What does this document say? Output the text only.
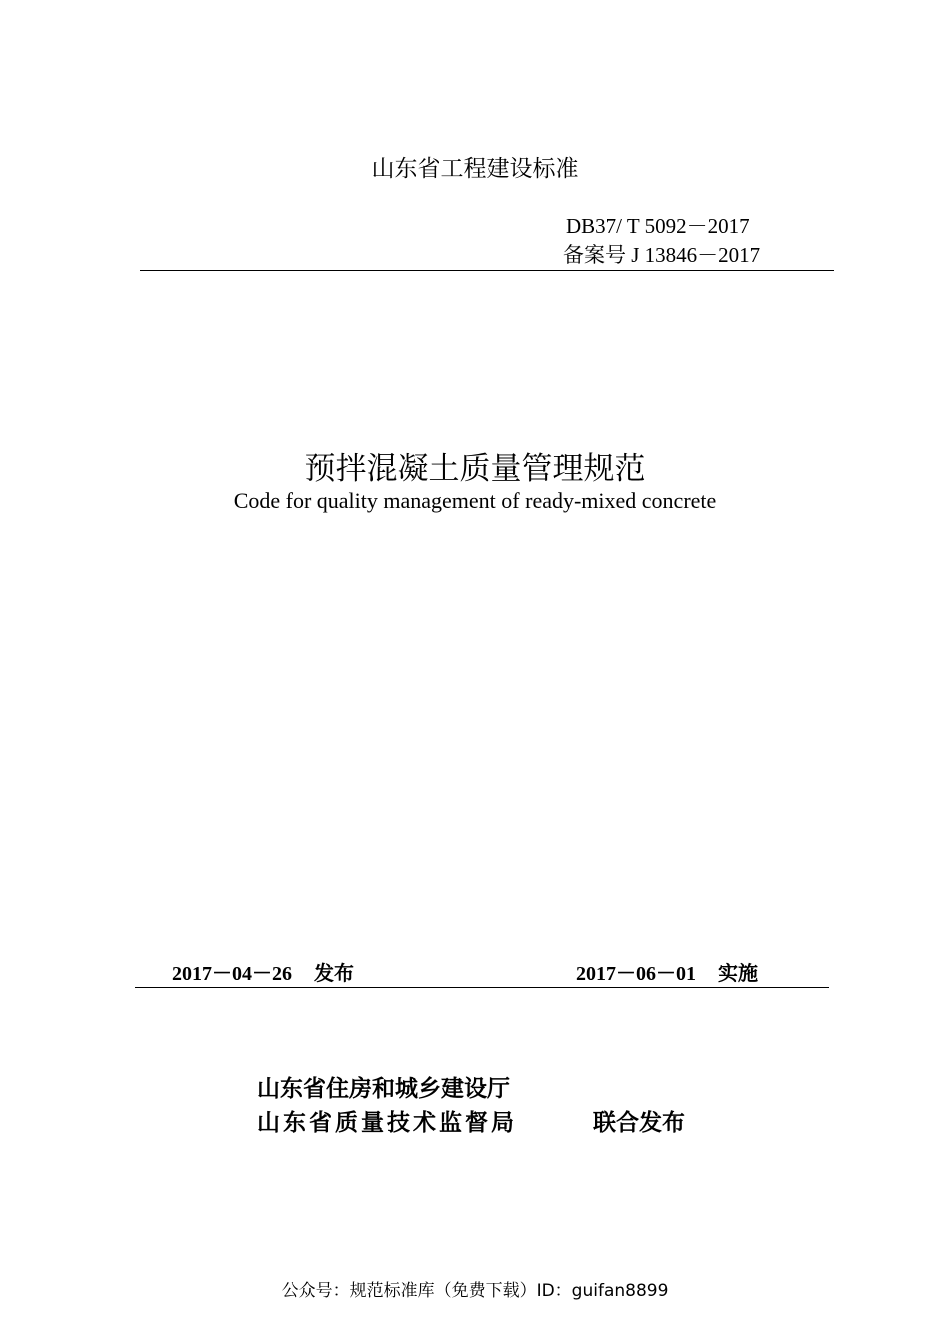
山东省工程建设标准
DB37/ T 5092－2017
备案号 J 13846－2017
预拌混凝土质量管理规范
Code for quality management of ready-mixed concrete
2017－04－26 发布	2017－06－01 实施
山东省住房和城乡建设厅
山东省质量技术监督局	联合发布
公众号：规范标准库（免费下载）ID：guifan8899
